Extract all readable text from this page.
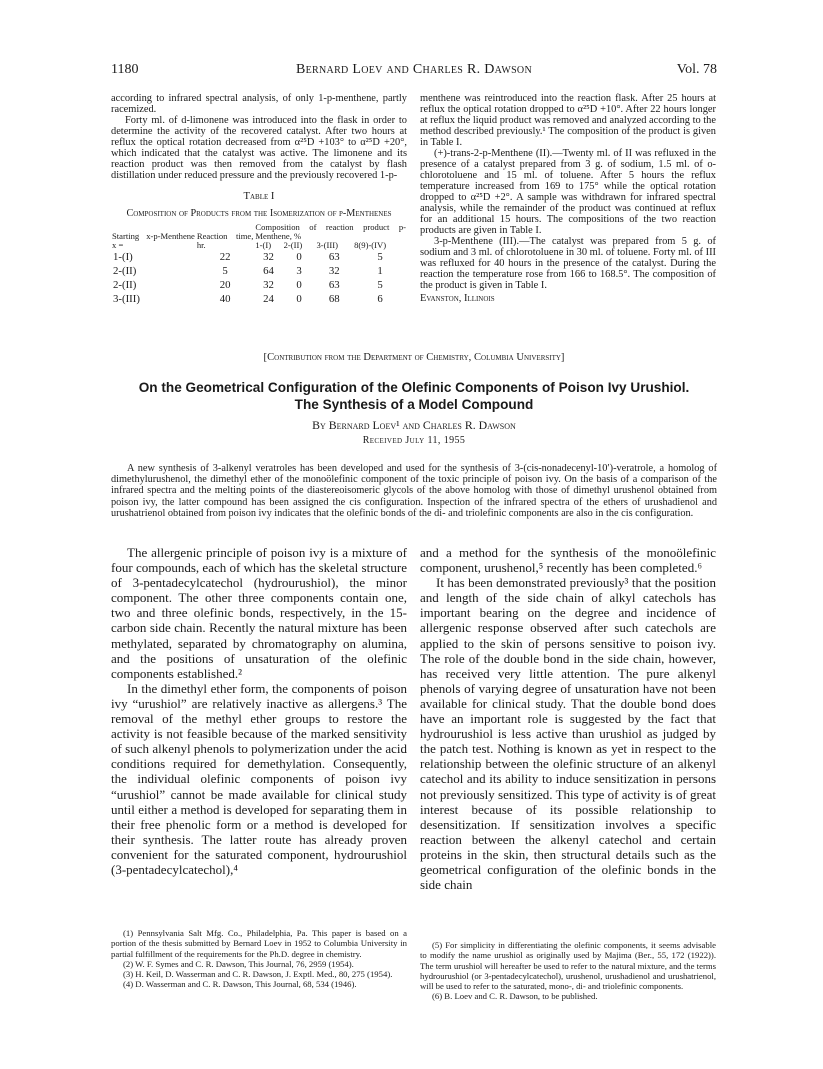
1180	Bernard Loev and Charles R. Dawson	Vol. 78

according to infrared spectral analysis, of only 1-p-menthene, partly racemized.

Forty ml. of d-limonene was introduced into the flask in order to determine the activity of the recovered catalyst. After two hours at reflux the optical rotation decreased from α²⁵D +103° to α²⁵D +20°, which indicated that the catalyst was active. The limonene and its reaction product was then removed from the catalyst by flash distillation under reduced pressure and the previously recovered 1-p-

Table I
Composition of Products from the Isomerization of p-Menthenes
Starting x-p-Menthene x =	Reaction time, hr.	Composition of reaction product p-Menthene, %			
		1-(I)	2-(II)	3-(III)	8(9)-(IV)
1-(I)	22	32	0	63	5
2-(II)	5	64	3	32	1
2-(II)	20	32	0	63	5
3-(III)	40	24	0	68	6

menthene was reintroduced into the reaction flask. After 25 hours at reflux the optical rotation dropped to α²⁵D +10°. After 22 hours longer at reflux the liquid product was removed and analyzed according to the method described previously.¹ The composition of the product is given in Table I.

(+)-trans-2-p-Menthene (II).—Twenty ml. of II was refluxed in the presence of a catalyst prepared from 3 g. of sodium, 1.5 ml. of o-chlorotoluene and 15 ml. of toluene. After 5 hours the reflux temperature increased from 169 to 175° while the optical rotation dropped to α²⁵D +2°. A sample was withdrawn for infrared spectral analysis, while the remainder of the product was continued at reflux for an additional 15 hours. The compositions of the two reaction products are given in Table I.

3-p-Menthene (III).—The catalyst was prepared from 5 g. of sodium and 3 ml. of chlorotoluene in 30 ml. of toluene. Forty ml. of III was refluxed for 40 hours in the presence of the catalyst. During the reaction the temperature rose from 166 to 168.5°. The composition of the product is given in Table I.

Evanston, Illinois
[Contribution from the Department of Chemistry, Columbia University]
On the Geometrical Configuration of the Olefinic Components of Poison Ivy Urushiol.
The Synthesis of a Model Compound
By Bernard Loev¹ and Charles R. Dawson
Received July 11, 1955
A new synthesis of 3-alkenyl veratroles has been developed and used for the synthesis of 3-(cis-nonadecenyl-10′)-veratrole, a homolog of dimethylurushenol, the dimethyl ether of the monoölefinic component of the toxic principle of poison ivy. On the basis of a comparison of the infrared spectra and the melting points of the diastereoisomeric glycols of the above homolog with those of dimethyl urushenol obtained from poison ivy, the latter compound has been assigned the cis configuration. Inspection of the infrared spectra of the ethers of urushadienol and urushatrienol obtained from poison ivy indicates that the olefinic bonds of the di- and triolefinic components are also in the cis configuration.

The allergenic principle of poison ivy is a mixture of four compounds, each of which has the skeletal structure of 3-pentadecylcatechol (hydrourushiol), the minor component. The other three components contain one, two and three olefinic bonds, respectively, in the 15-carbon side chain. Recently the natural mixture has been methylated, separated by chromatography on alumina, and the positions of unsaturation of the olefinic components established.²

In the dimethyl ether form, the components of poison ivy “urushiol” are relatively inactive as allergens.³ The removal of the methyl ether groups to restore the activity is not feasible because of the marked sensitivity of such alkenyl phenols to polymerization under the acid conditions required for demethylation. Consequently, the individual olefinic components of poison ivy “urushiol” cannot be made available for clinical study until either a method is developed for separating them in their free phenolic form or a method is developed for their synthesis. The latter route has already proven convenient for the saturated component, hydrourushiol (3-pentadecylcatechol),⁴

and a method for the synthesis of the monoölefinic component, urushenol,⁵ recently has been completed.⁶

It has been demonstrated previously³ that the position and length of the side chain of alkyl catechols has important bearing on the degree and incidence of allergenic response observed after such catechols are applied to the skin of persons sensitive to poison ivy. The role of the double bond in the side chain, however, has received very little attention. The pure alkenyl phenols of varying degree of unsaturation have not been available for clinical study. That the double bond does have an important role is suggested by the fact that hydrourushiol is less active than urushiol as judged by the patch test. Nothing is known as yet in respect to the relationship between the olefinic structure of an alkenyl catechol and its ability to induce sensitization in persons not previously sensitized. This type of activity is of great interest because of its possible relationship to desensitization. If sensitization involves a specific reaction between the alkenyl catechol and certain proteins in the skin, then structural details such as the geometrical configuration of the olefinic bonds in the side chain

(1) Pennsylvania Salt Mfg. Co., Philadelphia, Pa. This paper is based on a portion of the thesis submitted by Bernard Loev in 1952 to Columbia University in partial fulfillment of the requirements for the Ph.D. degree in chemistry.

(2) W. F. Symes and C. R. Dawson, This Journal, 76, 2959 (1954).

(3) H. Keil, D. Wasserman and C. R. Dawson, J. Exptl. Med., 80, 275 (1954).

(4) D. Wasserman and C. R. Dawson, This Journal, 68, 534 (1946).

(5) For simplicity in differentiating the olefinic components, it seems advisable to modify the name urushiol as originally used by Majima (Ber., 55, 172 (1922)). The term urushiol will hereafter be used to refer to the natural mixture, and the terms hydrourushiol (or 3-pentadecylcatechol), urushenol, urushadienol and urushatrienol, will be used to refer to the saturated, mono-, di- and triolefinic components.

(6) B. Loev and C. R. Dawson, to be published.
